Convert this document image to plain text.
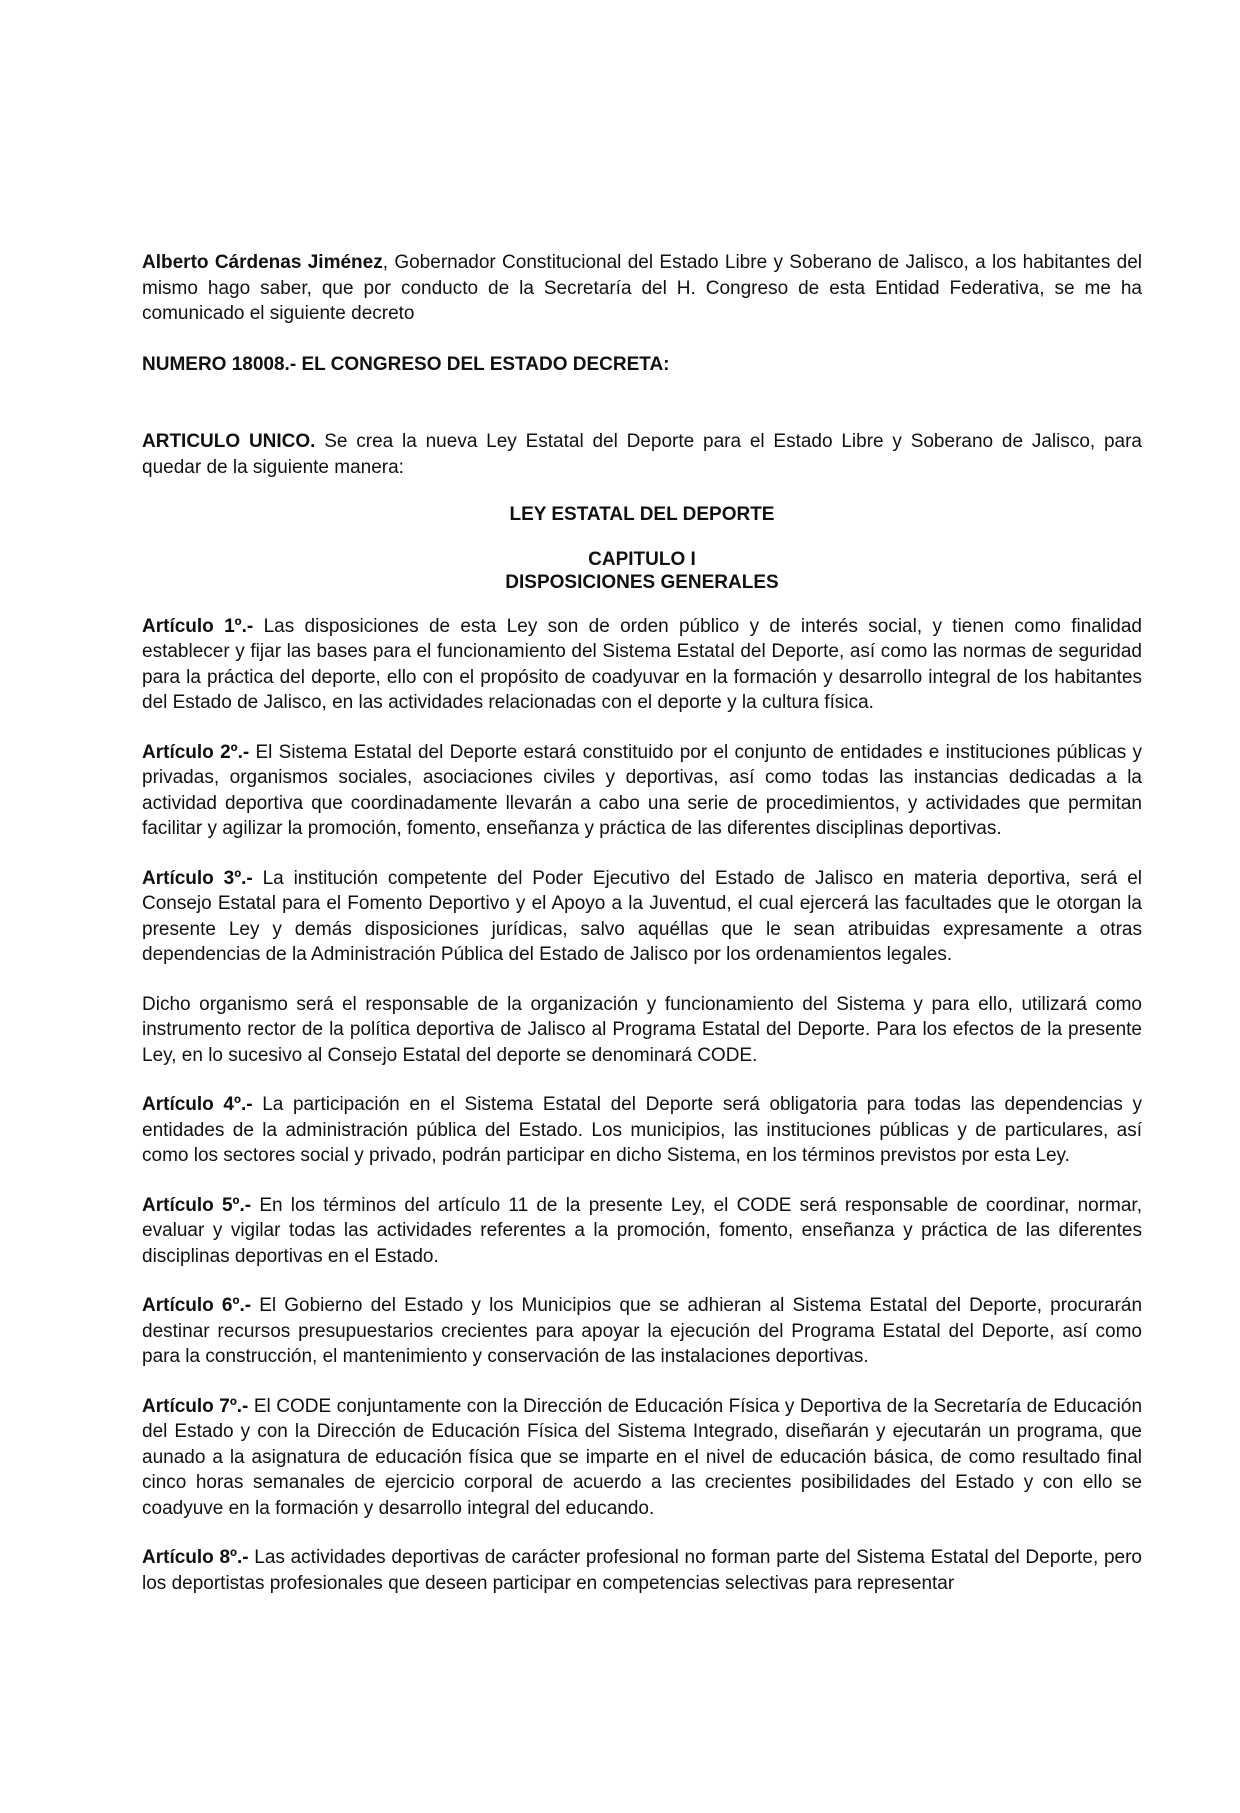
Alberto Cárdenas Jiménez, Gobernador Constitucional del Estado Libre y Soberano de Jalisco, a los habitantes del mismo hago saber, que por conducto de la Secretaría del H. Congreso de esta Entidad Federativa, se me ha comunicado el siguiente decreto

NUMERO 18008.- EL CONGRESO DEL ESTADO DECRETA:

ARTICULO UNICO. Se crea la nueva Ley Estatal del Deporte para el Estado Libre y Soberano de Jalisco, para quedar de la siguiente manera:

LEY ESTATAL DEL DEPORTE

CAPITULO I
DISPOSICIONES GENERALES

Artículo 1º.- Las disposiciones de esta Ley son de orden público y de interés social, y tienen como finalidad establecer y fijar las bases para el funcionamiento del Sistema Estatal del Deporte, así como las normas de seguridad para la práctica del deporte, ello con el propósito de coadyuvar en la formación y desarrollo integral de los habitantes del Estado de Jalisco, en las actividades relacionadas con el deporte y la cultura física.

Artículo 2º.- El Sistema Estatal del Deporte estará constituido por el conjunto de entidades e instituciones públicas y privadas, organismos sociales, asociaciones civiles y deportivas, así como todas las instancias dedicadas a la actividad deportiva que coordinadamente llevarán a cabo una serie de procedimientos, y actividades que permitan facilitar y agilizar la promoción, fomento, enseñanza y práctica de las diferentes disciplinas deportivas.

Artículo 3º.- La institución competente del Poder Ejecutivo del Estado de Jalisco en materia deportiva, será el Consejo Estatal para el Fomento Deportivo y el Apoyo a la Juventud, el cual ejercerá las facultades que le otorgan la presente Ley y demás disposiciones jurídicas, salvo aquéllas que le sean atribuidas expresamente a otras dependencias de la Administración Pública del Estado de Jalisco por los ordenamientos legales.

Dicho organismo será el responsable de la organización y funcionamiento del Sistema y para ello, utilizará como instrumento rector de la política deportiva de Jalisco al Programa Estatal del Deporte. Para los efectos de la presente Ley, en lo sucesivo al Consejo Estatal del deporte se denominará CODE.

Artículo 4º.- La participación en el Sistema Estatal del Deporte será obligatoria para todas las dependencias y entidades de la administración pública del Estado. Los municipios, las instituciones públicas y de particulares, así como los sectores social y privado, podrán participar en dicho Sistema, en los términos previstos por esta Ley.

Artículo 5º.- En los términos del artículo 11 de la presente Ley, el CODE será responsable de coordinar, normar, evaluar y vigilar todas las actividades referentes a la promoción, fomento, enseñanza y práctica de las diferentes disciplinas deportivas en el Estado.

Artículo 6º.- El Gobierno del Estado y los Municipios que se adhieran al Sistema Estatal del Deporte, procurarán destinar recursos presupuestarios crecientes para apoyar la ejecución del Programa Estatal del Deporte, así como para la construcción, el mantenimiento y conservación de las instalaciones deportivas.

Artículo 7º.- El CODE conjuntamente con la Dirección de Educación Física y Deportiva de la Secretaría de Educación del Estado y con la Dirección de Educación Física del Sistema Integrado, diseñarán y ejecutarán un programa, que aunado a la asignatura de educación física que se imparte en el nivel de educación básica, de como resultado final cinco horas semanales de ejercicio corporal de acuerdo a las crecientes posibilidades del Estado y con ello se coadyuve en la formación y desarrollo integral del educando.

Artículo 8º.- Las actividades deportivas de carácter profesional no forman parte del Sistema Estatal del Deporte, pero los deportistas profesionales que deseen participar en competencias selectivas para representar
